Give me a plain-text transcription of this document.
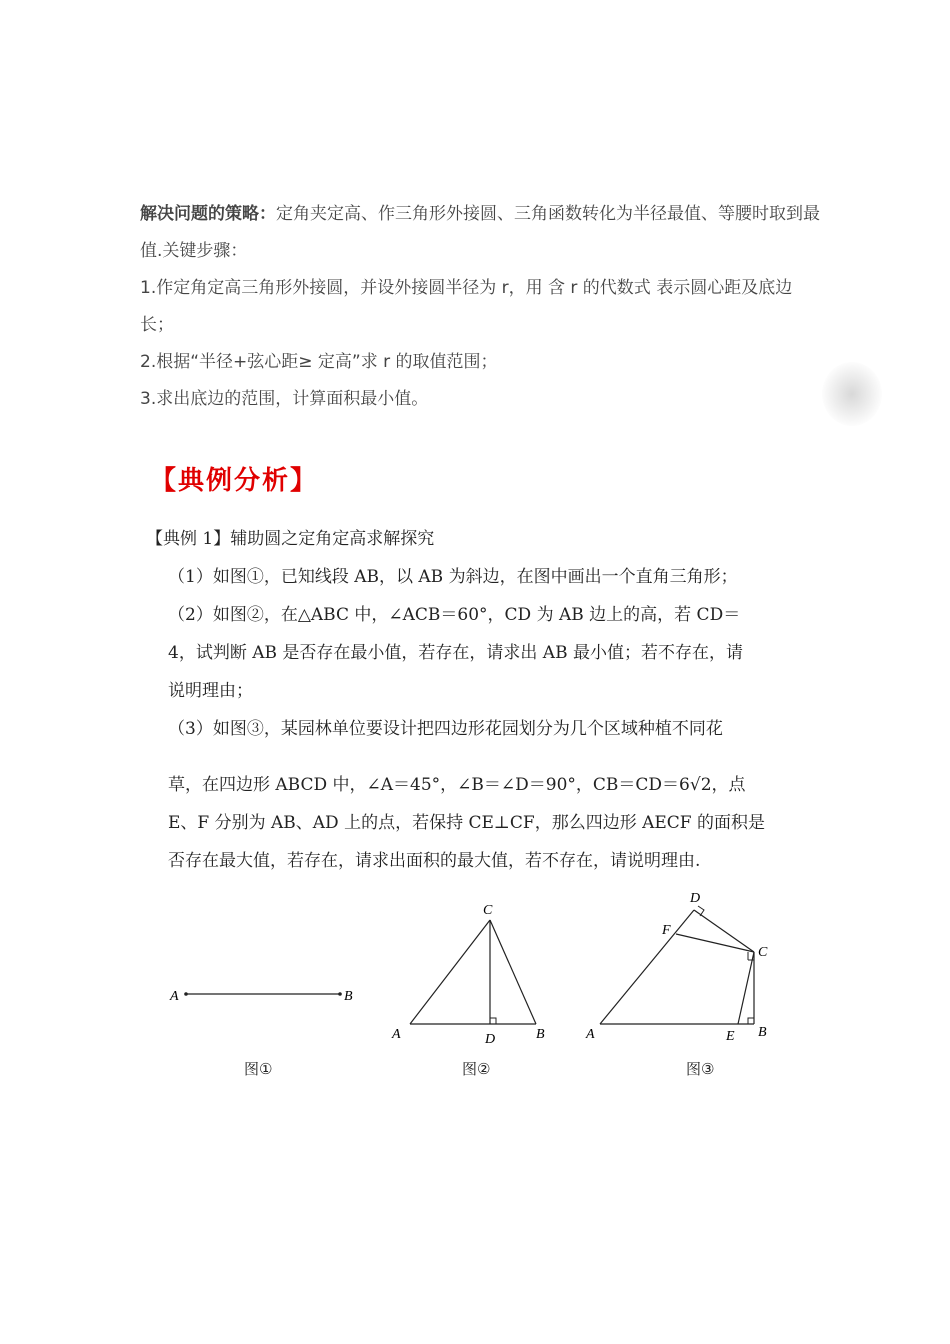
解决问题的策略：定角夹定高、作三角形外接圆、三角函数转化为半径最值、等腰时取到最值.关键步骤：

1.作定角定高三角形外接圆，并设外接圆半径为 r，用 含 r 的代数式 表示圆心距及底边长；

2.根据“半径+弦心距≥ 定高”求 r 的取值范围；

3.求出底边的范围，计算面积最小值。

【典例分析】

【典例 1】辅助圆之定角定高求解探究

（1）如图①，已知线段 AB，以 AB 为斜边，在图中画出一个直角三角形；

（2）如图②，在△ABC 中，∠ACB＝60°，CD 为 AB 边上的高，若 CD＝

4，试判断 AB 是否存在最小值，若存在，请求出 AB 最小值；若不存在，请

说明理由；

（3）如图③，某园林单位要设计把四边形花园划分为几个区域种植不同花

草，在四边形 ABCD 中，∠A＝45°，∠B＝∠D＝90°，CB＝CD＝6√2，点

E、F 分别为 AB、AD 上的点，若保持 CE⊥CF，那么四边形 AECF 的面积是

否存在最大值，若存在，请求出面积的最大值，若不存在，请说明理由.

A	B
C
A	D	B
D
F
C
A	E B
图①	图②	图③
